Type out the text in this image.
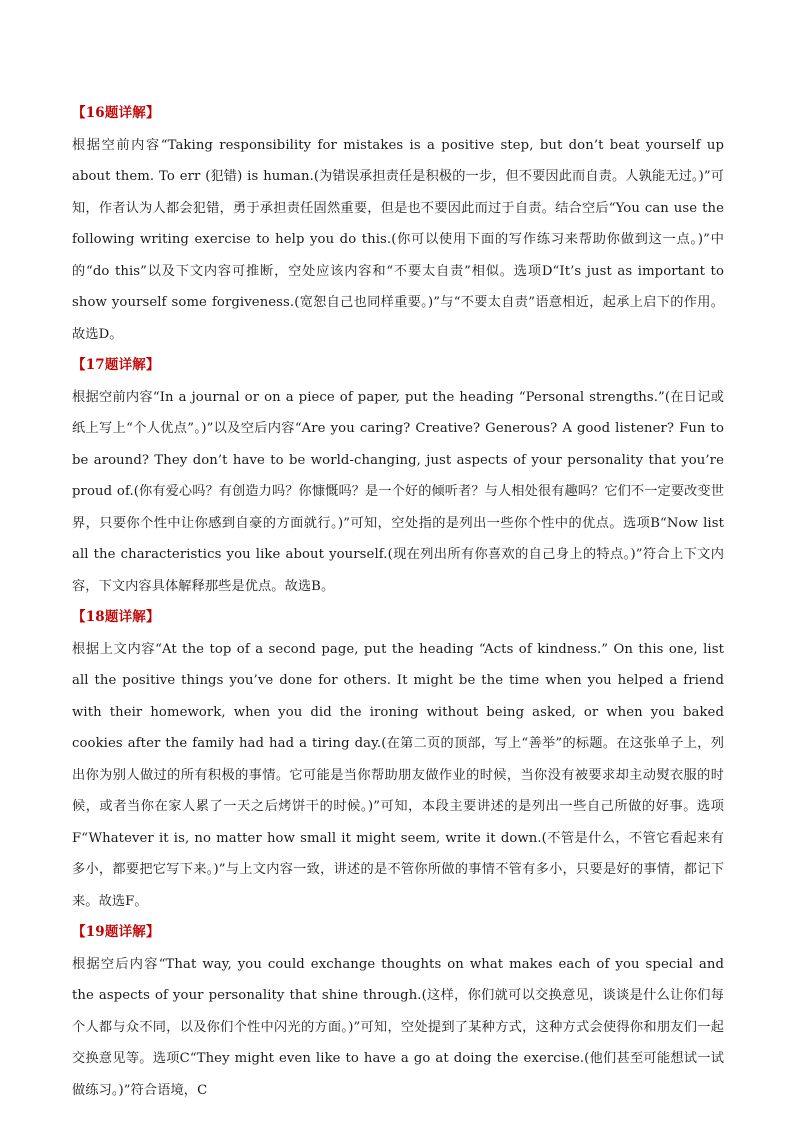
【16题详解】

根据空前内容“Taking responsibility for mistakes is a positive step, but don’t beat yourself up about them. To err (犯错) is human.(为错误承担责任是积极的一步，但不要因此而自责。人孰能无过。)”可知，作者认为人都会犯错，勇于承担责任固然重要，但是也不要因此而过于自责。结合空后“You can use the following writing exercise to help you do this.(你可以使用下面的写作练习来帮助你做到这一点。)”中的“do this”以及下文内容可推断，空处应该内容和“不要太自责”相似。选项D“It’s just as important to show yourself some forgiveness.(宽恕自己也同样重要。)”与“不要太自责”语意相近，起承上启下的作用。故选D。

【17题详解】

根据空前内容“In a journal or on a piece of paper, put the heading “Personal strengths.”(在日记或纸上写上“个人优点”。)”以及空后内容“Are you caring? Creative? Generous? A good listener? Fun to be around? They don’t have to be world-changing, just aspects of your personality that you’re proud of.(你有爱心吗？有创造力吗？你慷慨吗？是一个好的倾听者？与人相处很有趣吗？它们不一定要改变世界，只要你个性中让你感到自豪的方面就行。)”可知，空处指的是列出一些你个性中的优点。选项B“Now list all the characteristics you like about yourself.(现在列出所有你喜欢的自己身上的特点。)”符合上下文内容，下文内容具体解释那些是优点。故选B。

【18题详解】

根据上文内容“At the top of a second page, put the heading “Acts of kindness.” On this one, list all the positive things you’ve done for others. It might be the time when you helped a friend with their homework, when you did the ironing without being asked, or when you baked cookies after the family had had a tiring day.(在第二页的顶部，写上“善举”的标题。在这张单子上，列出你为别人做过的所有积极的事情。它可能是当你帮助朋友做作业的时候，当你没有被要求却主动熨衣服的时候，或者当你在家人累了一天之后烤饼干的时候。)”可知，本段主要讲述的是列出一些自己所做的好事。选项F“Whatever it is, no matter how small it might seem, write it down.(不管是什么，不管它看起来有多小，都要把它写下来。)”与上文内容一致，讲述的是不管你所做的事情不管有多小，只要是好的事情，都记下来。故选F。

【19题详解】

根据空后内容“That way, you could exchange thoughts on what makes each of you special and the aspects of your personality that shine through.(这样，你们就可以交换意见，谈谈是什么让你们每个人都与众不同，以及你们个性中闪光的方面。)”可知，空处提到了某种方式，这种方式会使得你和朋友们一起交换意见等。选项C“They might even like to have a go at doing the exercise.(他们甚至可能想试一试做练习。)”符合语境，C
